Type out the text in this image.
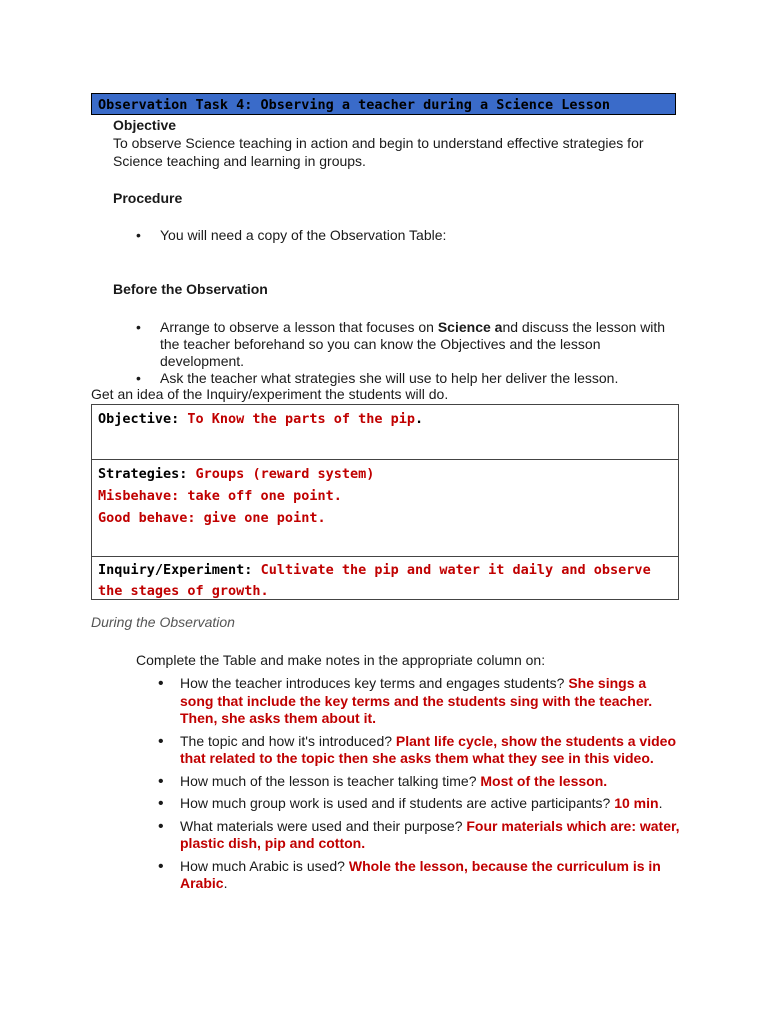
Observation Task 4: Observing a teacher during a Science Lesson
Objective
To observe Science teaching in action and begin to understand effective strategies for Science teaching and learning in groups.
Procedure
• You will need a copy of the Observation Table:
Before the Observation
• Arrange to observe a lesson that focuses on Science and discuss the lesson with the teacher beforehand so you can know the Objectives and the lesson development.
• Ask the teacher what strategies she will use to help her deliver the lesson.
Get an idea of the Inquiry/experiment the students will do.
Objective: To Know the parts of the pip.
Strategies: Groups (reward system)
Misbehave: take off one point.
Good behave: give one point.
Inquiry/Experiment: Cultivate the pip and water it daily and observe
the stages of growth.
During the Observation
Complete the Table and make notes in the appropriate column on:
• How the teacher introduces key terms and engages students? She sings a song that include the key terms and the students sing with the teacher. Then, she asks them about it.
• The topic and how it's introduced? Plant life cycle, show the students a video that related to the topic then she asks them what they see in this video.
• How much of the lesson is teacher talking time? Most of the lesson.
• How much group work is used and if students are active participants? 10 min.
• What materials were used and their purpose? Four materials which are: water, plastic dish, pip and cotton.
• How much Arabic is used? Whole the lesson, because the curriculum is in Arabic.
